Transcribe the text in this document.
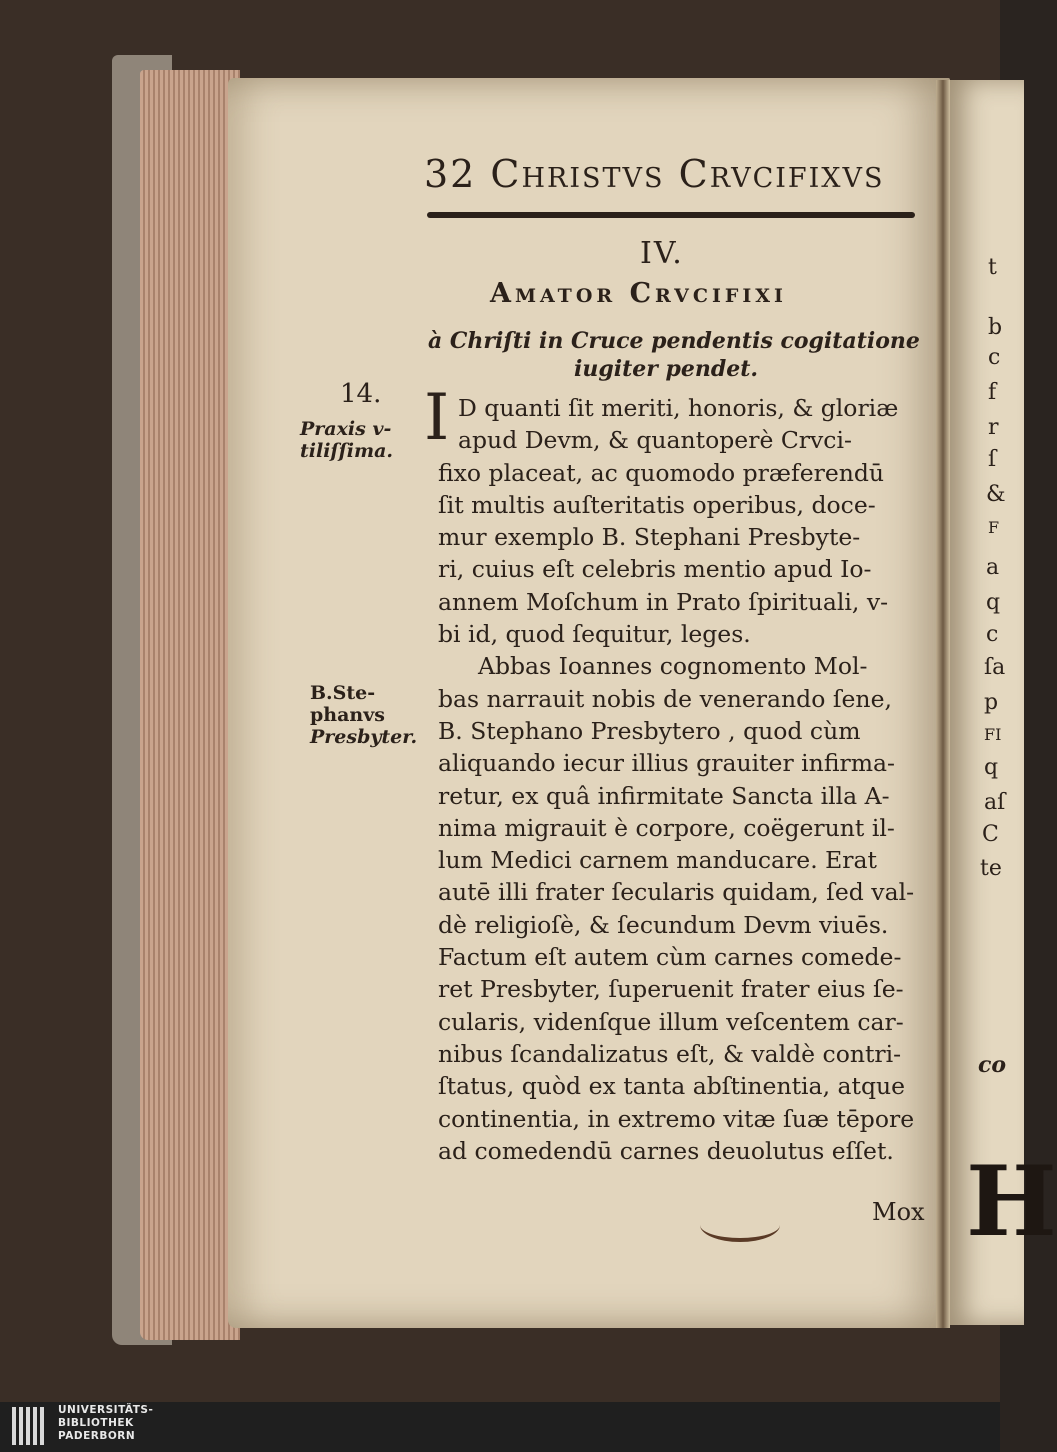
32 Christvs Crvcifixvs
IV.
Amator Crvcifixi
à Chriſti in Cruce pendentis cogitatione
iugiter pendet.
14.
Praxis v-
tiliſſima.
B.Ste-
phanvs
Presbyter.
I D quanti ſit meriti, honoris, & gloriæ
apud Devm, & quantoperè Crvci-
fixo placeat, ac quomodo præferendū
ſit multis auſteritatis operibus, doce-
mur exemplo B. Stephani Presbyte-
ri, cuius eſt celebris mentio apud Io-
annem Moſchum in Prato ſpirituali, v-
bi id, quod ſequitur, leges.
Abbas Ioannes cognomento Mol-
bas narrauit nobis de venerando ſene,
B. Stephano Presbytero , quod cùm
aliquando iecur illius grauiter infirma-
retur, ex quâ infirmitate Sancta illa A-
nima migrauit è corpore, coëgerunt il-
lum Medici carnem manducare. Erat
autē illi frater ſecularis quidam, ſed val-
dè religioſè, & ſecundum Devm viuēs.
Factum eſt autem cùm carnes comede-
ret Presbyter, ſuperuenit frater eius ſe-
cularis, videnſque illum veſcentem car-
nibus ſcandalizatus eſt, & valdè contri-
ſtatus, quòd ex tanta abſtinentia, atque
continentia, in extremo vitæ ſuæ tēpore
ad comedendū carnes deuolutus eſſet.
Mox
t
b
c
f
r
ſ
&
F
a
q
c
ſa
p
FI
q
aſ
C
te
co
H
UNIVERSITÄTS-
BIBLIOTHEK
PADERBORN
